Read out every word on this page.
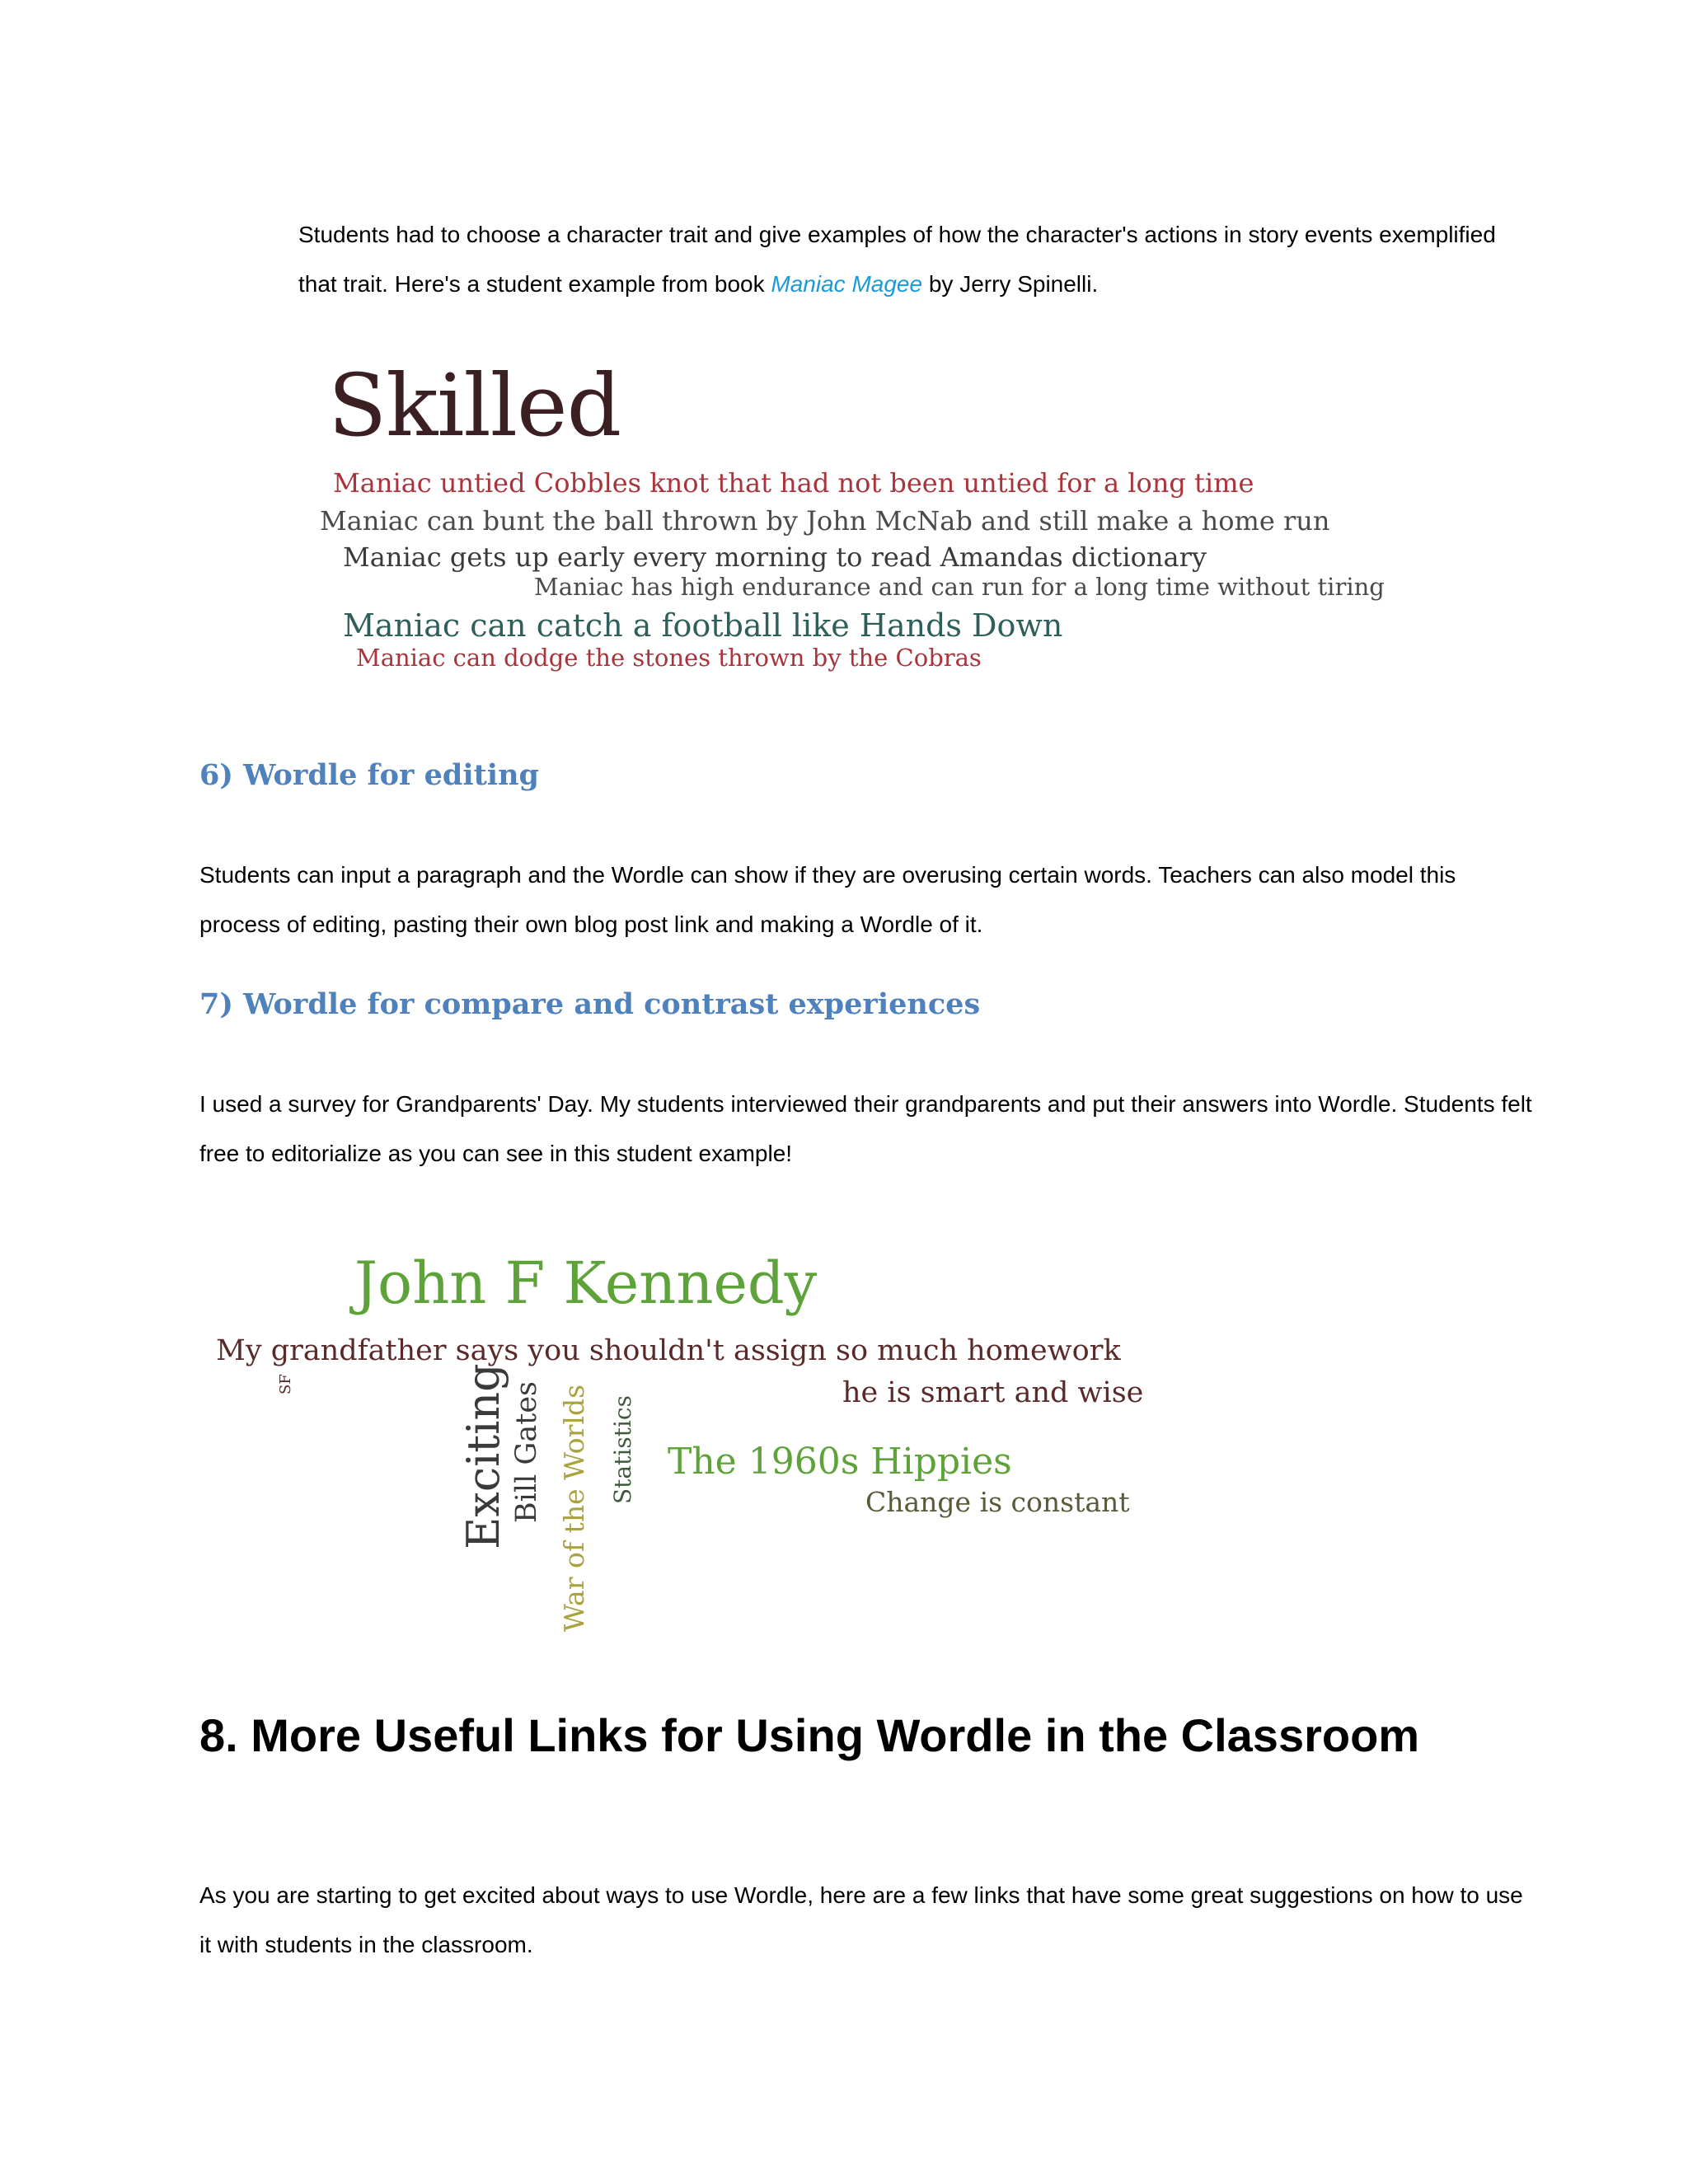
Students had to choose a character trait and give examples of how the character's actions in story events exemplified that trait. Here's a student example from book Maniac Magee by Jerry Spinelli.

Skilled
Maniac untied Cobbles knot that had not been untied for a long time
Maniac can bunt the ball thrown by John McNab and still make a home run
Maniac gets up early every morning to read Amandas dictionary
Maniac has high endurance and can run for a long time without tiring
Maniac can catch a football like Hands Down
Maniac can dodge the stones thrown by the Cobras
6) Wordle for editing

Students can input a paragraph and the Wordle can show if they are overusing certain words. Teachers can also model this process of editing, pasting their own blog post link and making a Wordle of it.

7) Wordle for compare and contrast experiences

I used a survey for Grandparents' Day. My students interviewed their grandparents and put their answers into Wordle. Students felt free to editorialize as you can see in this student example!

John F Kennedy
My grandfather says you shouldn't assign so much homework
he is smart and wise
SF	Exciting Bill Gates War of the Worlds Statistics The 1960s Hippies
Change is constant
8. More Useful Links for Using Wordle in the Classroom

As you are starting to get excited about ways to use Wordle, here are a few links that have some great suggestions on how to use it with students in the classroom.
